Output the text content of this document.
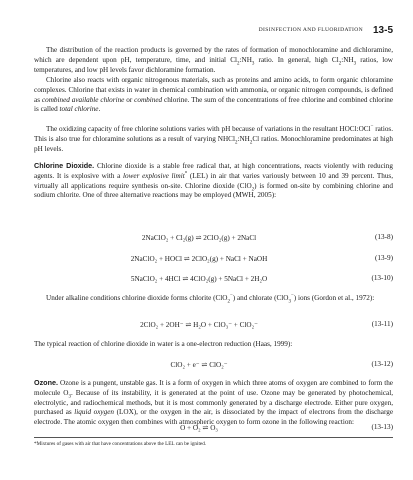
DISINFECTION AND FLUORIDATION 13-5

The distribution of the reaction products is governed by the rates of formation of monochloramine and dichloramine, which are dependent upon pH, temperature, time, and initial $Cl_2:NH_3$ ratio. In general, high $Cl_2:NH_3$ ratios, low temperatures, and low pH levels favor dichloramine formation.

Chlorine also reacts with organic nitrogenous materials, such as proteins and amino acids, to form organic chloramine complexes. Chlorine that exists in water in chemical combination with ammonia, or organic nitrogen compounds, is defined as combined available chlorine or combined chlorine. The sum of the concentrations of free chlorine and combined chlorine is called total chlorine.

The oxidizing capacity of free chlorine solutions varies with pH because of variations in the resultant HOCl:OCl− ratios. This is also true for chloramine solutions as a result of varying $NHCl_2:NH_2Cl$ ratios. Monochloramine predominates at high pH levels.

Chlorine Dioxide. Chlorine dioxide is a stable free radical that, at high concentrations, reacts violently with reducing agents. It is explosive with a lower explosive limit* (LEL) in air that varies variously between 10 and 39 percent. Thus, virtually all applications require synthesis on-site. Chlorine dioxide (ClO$_2$) is formed on-site by combining chlorine and sodium chlorite. One of three alternative reactions may be employed (MWH, 2005):

2NaClO₂ + Cl₂(g) ⇌ 2ClO₂(g) + 2NaCl	(13-8)
2NaClO₂ + HOCl ⇌ 2ClO₂(g) + NaCl + NaOH	(13-9)
5NaClO₂ + 4HCl ⇌ 4ClO₂(g) + 5NaCl + 2H₂O	(13-10)

Under alkaline conditions chlorine dioxide forms chlorite (ClO$_2$−) and chlorate (ClO$_3$−) ions (Gordon et al., 1972):

2ClO₂ + 2OH⁻ ⇌ H₂O + ClO₃⁻ + ClO₂⁻	(13-11)

The typical reaction of chlorine dioxide in water is a one-electron reduction (Haas, 1999):

ClO₂ + e⁻ ⇌ ClO₂⁻	(13-12)

Ozone. Ozone is a pungent, unstable gas. It is a form of oxygen in which three atoms of oxygen are combined to form the molecule $O_3$. Because of its instability, it is generated at the point of use. Ozone may be generated by photochemical, electrolytic, and radiochemical methods, but it is most commonly generated by a discharge electrode. Either pure oxygen, purchased as liquid oxygen (LOX), or the oxygen in the air, is dissociated by the impact of electrons from the discharge electrode. The atomic oxygen then combines with atmospheric oxygen to form ozone in the following reaction:

O + O₂ ⇌ O₃	(13-13)
*Mixtures of gases with air that have concentrations above the LEL can be ignited.
